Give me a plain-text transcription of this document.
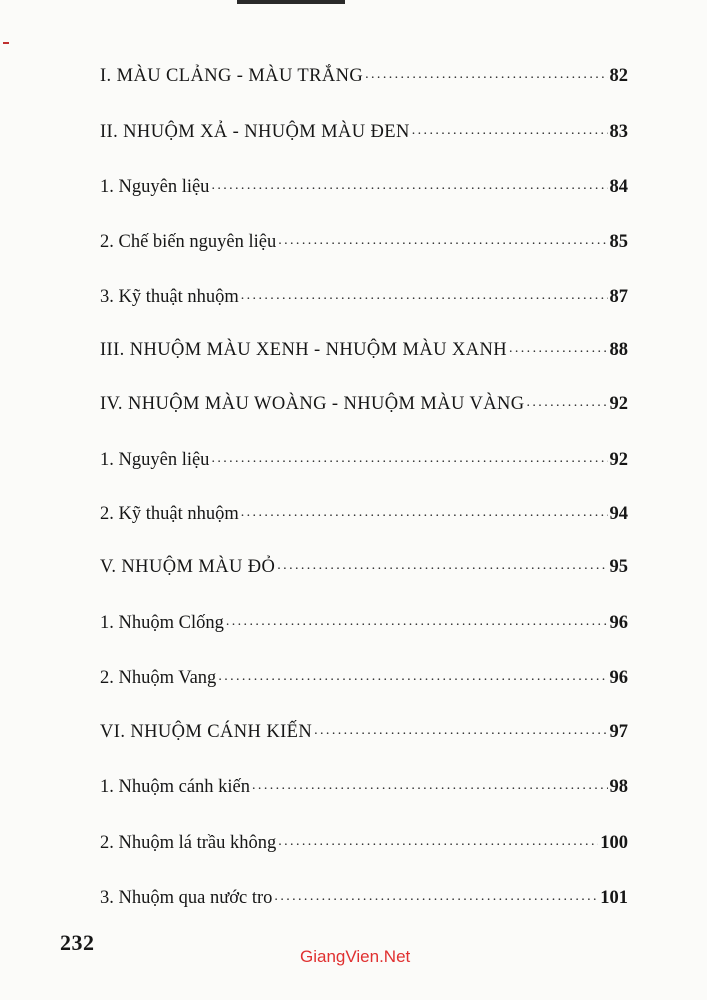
I. MÀU CLẢNG - MÀU TRẮNG .....	82
II. NHUỘM XẢ - NHUỘM MÀU ĐEN .....	83
1. Nguyên liệu .....	84
2. Chế biến nguyên liệu .....	85
3. Kỹ thuật nhuộm .....	87
III. NHUỘM MÀU XENH - NHUỘM MÀU XANH .....	88
IV. NHUỘM MÀU WOÀNG - NHUỘM MÀU VÀNG .....	92
1. Nguyên liệu .....	92
2. Kỹ thuật nhuộm .....	94
V. NHUỘM MÀU ĐỎ .....	95
1. Nhuộm Clống .....	96
2. Nhuộm Vang .....	96
VI. NHUỘM CÁNH KIẾN .....	97
1. Nhuộm cánh kiến .....	98
2. Nhuộm lá trầu không .....	100
3. Nhuộm qua nước tro .....	101
232
GiangVien.Net
